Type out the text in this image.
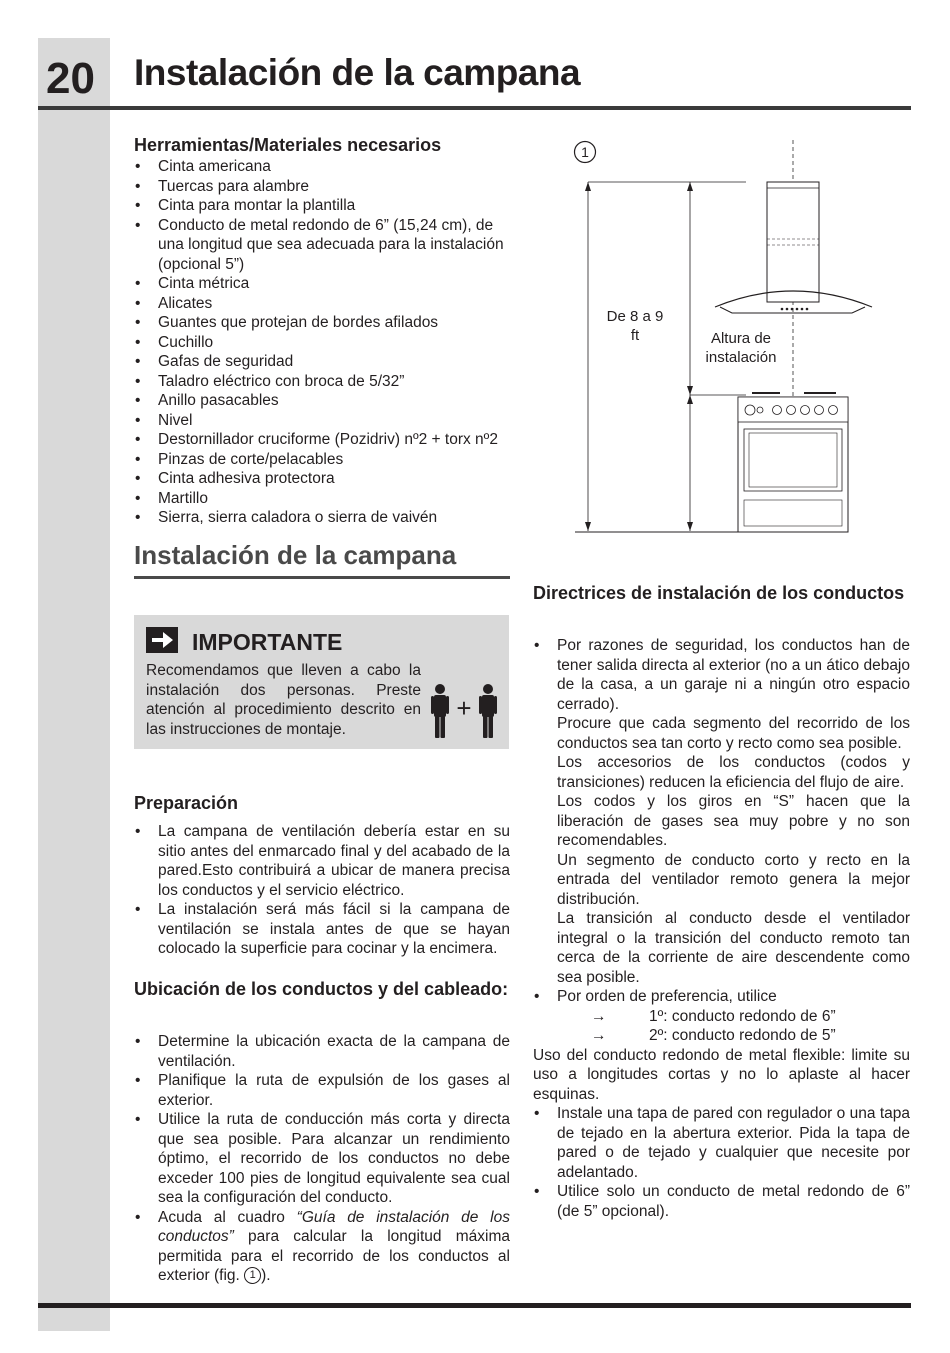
20 Instalación de la campana
Herramientas/Materiales necesarios
• Cinta americana
• Tuercas para alambre
• Cinta para montar la plantilla
• Conducto de metal redondo de 6” (15,24 cm), de una longitud que sea adecuada para la instalación (opcional 5”)
• Cinta métrica
• Alicates
• Guantes que protejan de bordes afilados
• Cuchillo
• Gafas de seguridad
• Taladro eléctrico con broca de 5/32”
• Anillo pasacables
• Nivel
• Destornillador cruciforme (Pozidriv) nº2 + torx nº2
• Pinzas de corte/pelacables
• Cinta adhesiva protectora
• Martillo
• Sierra, sierra caladora o sierra de vaivén
1
De 8 a 9
ft	Altura de
instalación
Instalación de la campana
IMPORTANTE
Recomendamos que lleven a cabo la instalación dos personas. Preste atención al procedimiento descrito en las instrucciones de montaje.
+
Preparación
• La campana de ventilación debería estar en su sitio antes del enmarcado final y del acabado de la pared.Esto contribuirá a ubicar de manera precisa los conductos y el servicio eléctrico.
• La instalación será más fácil si la campana de ventilación se instala antes de que se hayan colocado la superficie para cocinar y la encimera.
Ubicación de los conductos y del cableado:
• Determine la ubicación exacta de la campana de ventilación.
• Planifique la ruta de expulsión de los gases al exterior.
• Utilice la ruta de conducción más corta y directa que sea posible. Para alcanzar un rendimiento óptimo, el recorrido de los conductos no debe exceder 100 pies de longitud equivalente sea cual sea la configuración del conducto.
• Acuda al cuadro “Guía de instalación de los conductos” para calcular la longitud máxima permitida para el recorrido de los conductos al exterior (fig. 1 ).
Directrices de instalación de los conductos
• Por razones de seguridad, los conductos han de tener salida directa al exterior (no a un ático debajo de la casa, a un garaje ni a ningún otro espacio cerrado).
Procure que cada segmento del recorrido de los conductos sea tan corto y recto como sea posible.
Los accesorios de los conductos (codos y transiciones) reducen la eficiencia del flujo de aire.
Los codos y los giros en “S” hacen que la liberación de gases sea muy pobre y no son recomendables.
Un segmento de conducto corto y recto en la entrada del ventilador remoto genera la mejor distribución.
La transición al conducto desde el ventilador integral o la transición del conducto remoto tan cerca de la corriente de aire descendente como sea posible.
• Por orden de preferencia, utilice
→	1º: conducto redondo de 6”
→	2º: conducto redondo de 5”
Uso del conducto redondo de metal flexible: limite su uso a longitudes cortas y no lo aplaste al hacer esquinas.
• Instale una tapa de pared con regulador o una tapa de tejado en la abertura exterior. Pida la tapa de pared o de tejado y cualquier que necesite por adelantado.
• Utilice solo un conducto de metal redondo de 6” (de 5” opcional).
